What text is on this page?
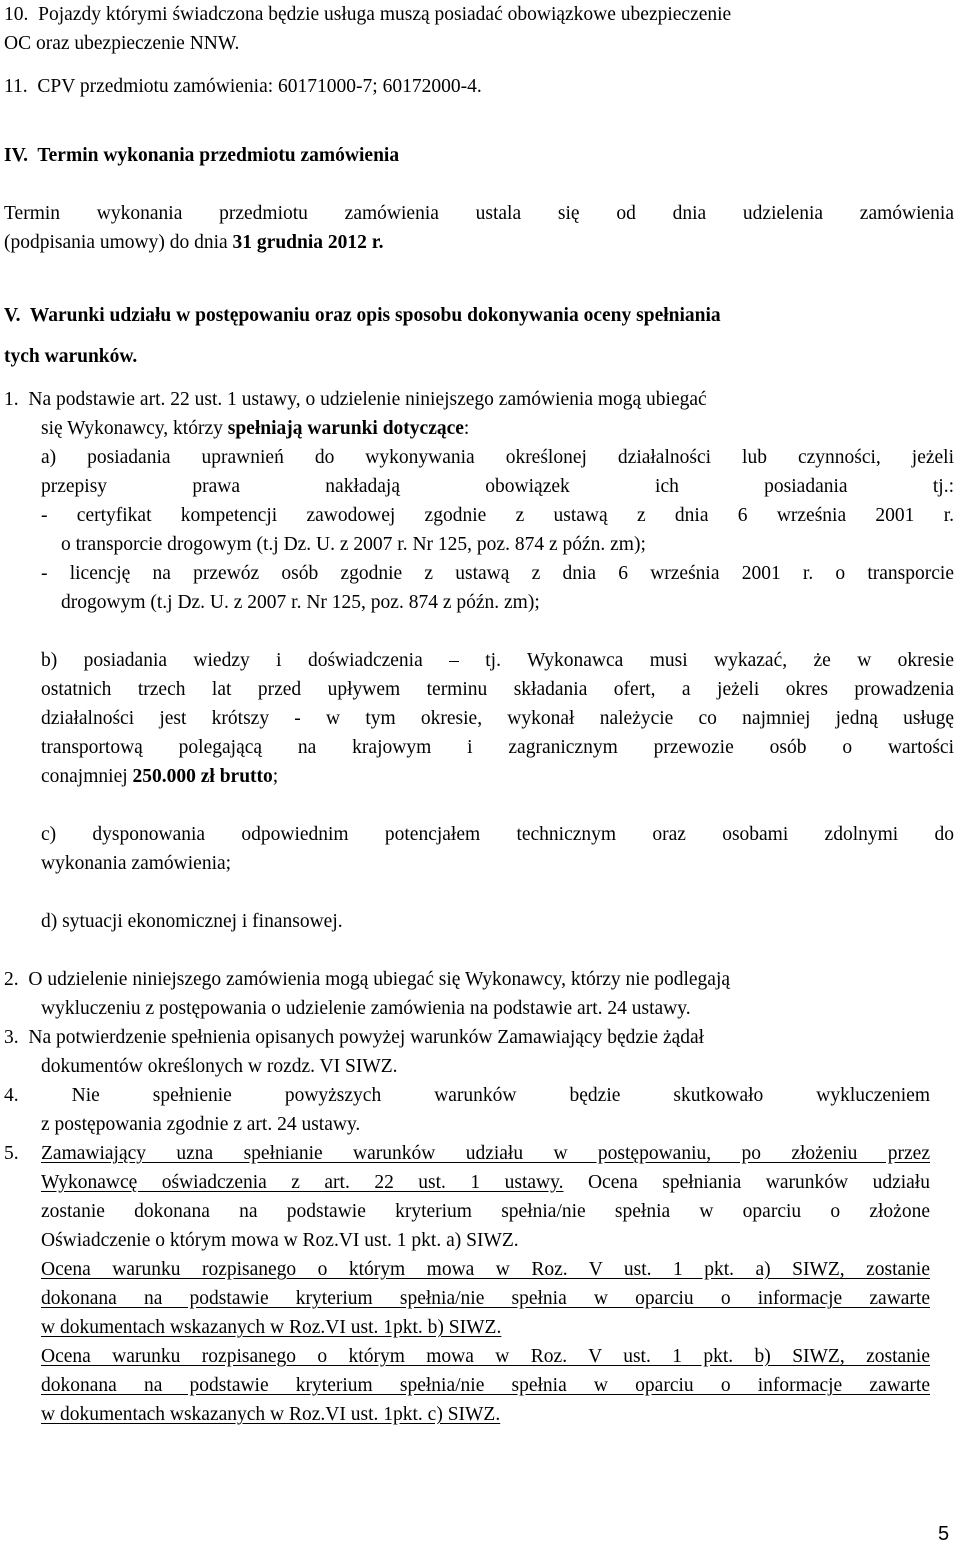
10.  Pojazdy którymi świadczona będzie usługa muszą posiadać obowiązkowe ubezpieczenie
OC oraz ubezpieczenie NNW.
11.  CPV przedmiotu zamówienia: 60171000-7; 60172000-4.
IV.  Termin wykonania przedmiotu zamówienia
Termin wykonania przedmiotu zamówienia ustala się od dnia udzielenia zamówienia
(podpisania umowy) do dnia 31 grudnia 2012 r.
V.  Warunki udziału w postępowaniu oraz opis sposobu dokonywania oceny spełniania
tych warunków.
1.  Na podstawie art. 22 ust. 1 ustawy, o udzielenie niniejszego zamówienia mogą ubiegać
się Wykonawcy, którzy spełniają warunki dotyczące:
a) posiadania uprawnień do wykonywania określonej działalności lub czynności, jeżeli
przepisy prawa nakładają obowiązek ich posiadania tj.:
- certyfikat kompetencji zawodowej zgodnie z ustawą z dnia 6 września 2001 r.
o transporcie drogowym (t.j Dz. U. z 2007 r. Nr 125, poz. 874 z późn. zm);
- licencję na przewóz osób zgodnie z ustawą z dnia 6 września 2001 r. o transporcie
drogowym (t.j Dz. U. z 2007 r. Nr 125, poz. 874 z późn. zm);
b) posiadania wiedzy i doświadczenia – tj. Wykonawca musi wykazać, że w okresie
ostatnich trzech lat przed upływem terminu składania ofert, a jeżeli okres prowadzenia
działalności jest krótszy - w tym okresie, wykonał należycie co najmniej jedną usługę
transportową polegającą na krajowym i zagranicznym przewozie osób o wartości
conajmniej 250.000 zł brutto;
c) dysponowania odpowiednim potencjałem technicznym oraz osobami zdolnymi do
wykonania zamówienia;
d) sytuacji ekonomicznej i finansowej.
2.  O udzielenie niniejszego zamówienia mogą ubiegać się Wykonawcy, którzy nie podlegają
wykluczeniu z postępowania o udzielenie zamówienia na podstawie art. 24 ustawy.
3.  Na potwierdzenie spełnienia opisanych powyżej warunków Zamawiający będzie żądał
dokumentów określonych w rozdz. VI SIWZ.
4. Nie spełnienie powyższych warunków będzie skutkowało wykluczeniem
z postępowania zgodnie z art. 24 ustawy.
5. Zamawiający uzna spełnianie warunków udziału w postępowaniu, po złożeniu przez
Wykonawcę oświadczenia z art. 22 ust. 1 ustawy. Ocena spełniania warunków udziału
zostanie dokonana na podstawie kryterium spełnia/nie spełnia w oparciu o złożone
Oświadczenie o którym mowa w Roz.VI ust. 1 pkt. a) SIWZ.
Ocena warunku rozpisanego o którym mowa w Roz. V ust. 1 pkt. a) SIWZ, zostanie
dokonana na podstawie kryterium spełnia/nie spełnia w oparciu o informacje zawarte
w dokumentach wskazanych w Roz.VI ust. 1pkt. b) SIWZ.
Ocena warunku rozpisanego o którym mowa w Roz. V ust. 1 pkt. b) SIWZ, zostanie
dokonana na podstawie kryterium spełnia/nie spełnia w oparciu o informacje zawarte
w dokumentach wskazanych w Roz.VI ust. 1pkt. c) SIWZ.
5
